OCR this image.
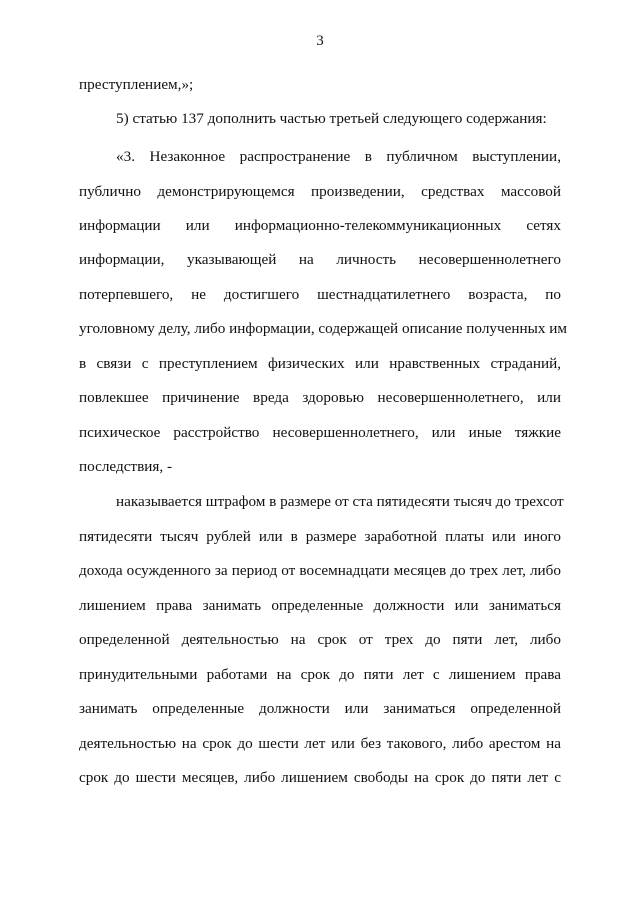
3
преступлением,»;
5) статью 137 дополнить частью третьей следующего содержания:
«3. Незаконное распространение в публичном выступлении,
публично демонстрирующемся произведении, средствах массовой
информации или информационно-телекоммуникационных сетях
информации, указывающей на личность несовершеннолетнего
потерпевшего, не достигшего шестнадцатилетнего возраста, по
уголовному делу, либо информации, содержащей описание полученных им
в связи с преступлением физических или нравственных страданий,
повлекшее причинение вреда здоровью несовершеннолетнего, или
психическое расстройство несовершеннолетнего, или иные тяжкие
последствия, -
наказывается штрафом в размере от ста пятидесяти тысяч до трехсот
пятидесяти тысяч рублей или в размере заработной платы или иного
дохода осужденного за период от восемнадцати месяцев до трех лет, либо
лишением права занимать определенные должности или заниматься
определенной деятельностью на срок от трех до пяти лет, либо
принудительными работами на срок до пяти лет с лишением права
занимать определенные должности или заниматься определенной
деятельностью на срок до шести лет или без такового, либо арестом на
срок до шести месяцев, либо лишением свободы на срок до пяти лет с
